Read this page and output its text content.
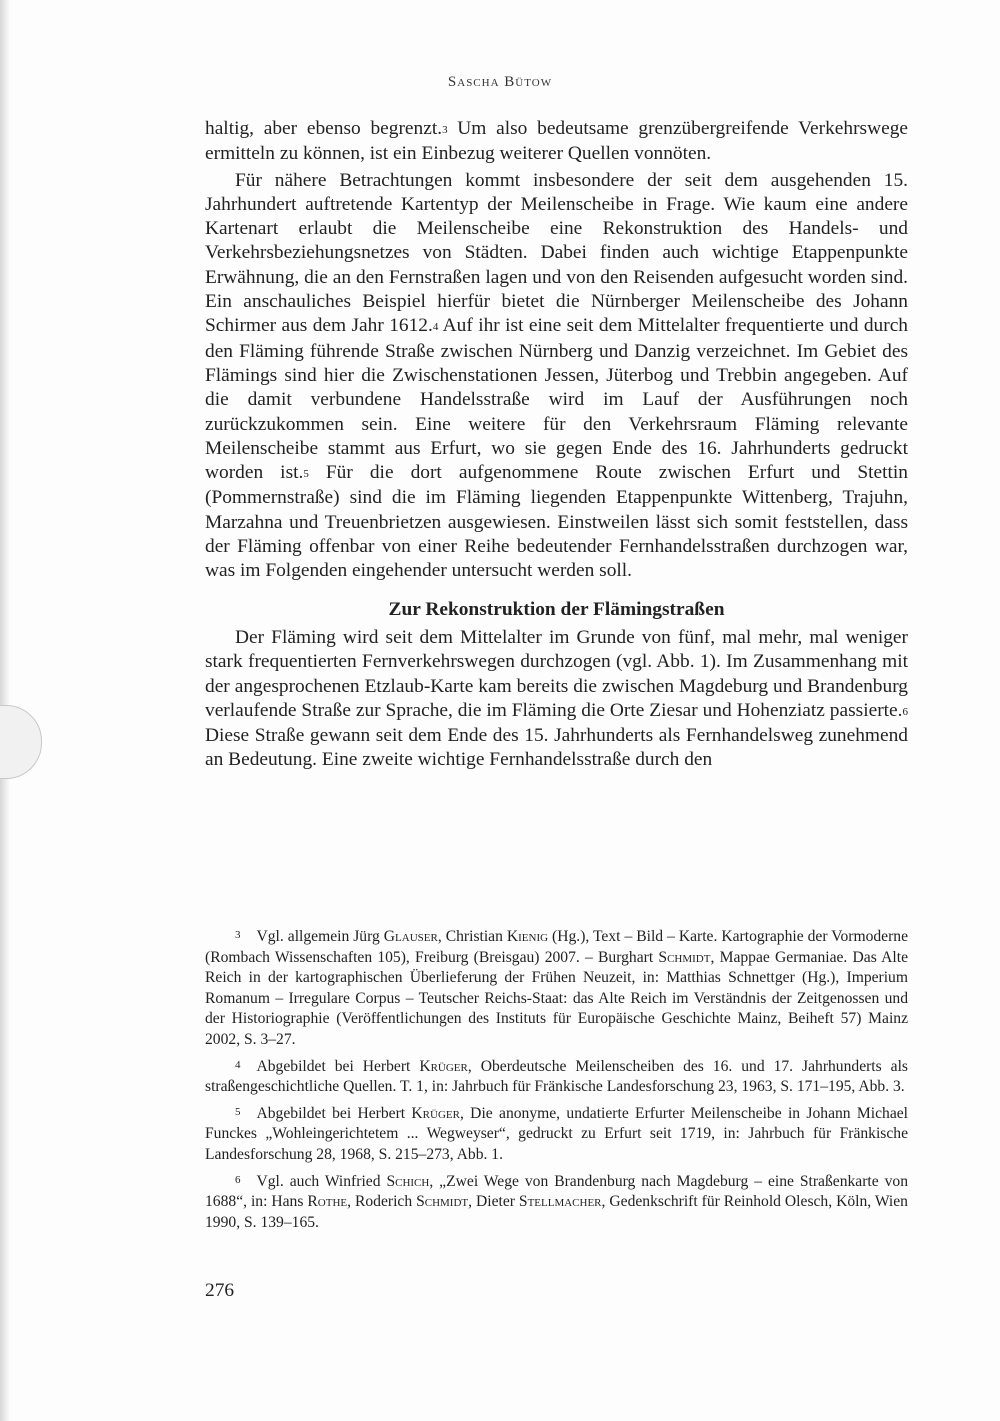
Sascha Bütow

haltig, aber ebenso begrenzt.3 Um also bedeutsame grenzübergreifende Verkehrswege ermitteln zu können, ist ein Einbezug weiterer Quellen vonnöten.

Für nähere Betrachtungen kommt insbesondere der seit dem ausgehenden 15. Jahrhundert auftretende Kartentyp der Meilenscheibe in Frage. Wie kaum eine andere Kartenart erlaubt die Meilenscheibe eine Rekonstruktion des Handels- und Verkehrsbeziehungsnetzes von Städten. Dabei finden auch wichtige Etappenpunkte Erwähnung, die an den Fernstraßen lagen und von den Reisenden aufgesucht worden sind. Ein anschauliches Beispiel hierfür bietet die Nürnberger Meilenscheibe des Johann Schirmer aus dem Jahr 1612.4 Auf ihr ist eine seit dem Mittelalter frequentierte und durch den Fläming führende Straße zwischen Nürnberg und Danzig verzeichnet. Im Gebiet des Flämings sind hier die Zwischenstationen Jessen, Jüterbog und Trebbin angegeben. Auf die damit verbundene Handelsstraße wird im Lauf der Ausführungen noch zurückzukommen sein. Eine weitere für den Verkehrsraum Fläming relevante Meilenscheibe stammt aus Erfurt, wo sie gegen Ende des 16. Jahrhunderts gedruckt worden ist.5 Für die dort aufgenommene Route zwischen Erfurt und Stettin (Pommernstraße) sind die im Fläming liegenden Etappenpunkte Wittenberg, Trajuhn, Marzahna und Treuenbrietzen ausgewiesen. Einstweilen lässt sich somit feststellen, dass der Fläming offenbar von einer Reihe bedeutender Fernhandelsstraßen durchzogen war, was im Folgenden eingehender untersucht werden soll.

Zur Rekonstruktion der Flämingstraßen

Der Fläming wird seit dem Mittelalter im Grunde von fünf, mal mehr, mal weniger stark frequentierten Fernverkehrswegen durchzogen (vgl. Abb. 1). Im Zusammenhang mit der angesprochenen Etzlaub-Karte kam bereits die zwischen Magdeburg und Brandenburg verlaufende Straße zur Sprache, die im Fläming die Orte Ziesar und Hohenziatz passierte.6 Diese Straße gewann seit dem Ende des 15. Jahrhunderts als Fernhandelsweg zunehmend an Bedeutung. Eine zweite wichtige Fernhandelsstraße durch den

3 Vgl. allgemein Jürg Glauser, Christian Kienig (Hg.), Text – Bild – Karte. Kartographie der Vormoderne (Rombach Wissenschaften 105), Freiburg (Breisgau) 2007. – Burghart Schmidt, Mappae Germaniae. Das Alte Reich in der kartographischen Überlieferung der Frühen Neuzeit, in: Matthias Schnettger (Hg.), Imperium Romanum – Irregulare Corpus – Teutscher Reichs-Staat: das Alte Reich im Verständnis der Zeitgenossen und der Historiographie (Veröffentlichungen des Instituts für Europäische Geschichte Mainz, Beiheft 57) Mainz 2002, S. 3–27.

4 Abgebildet bei Herbert Krüger, Oberdeutsche Meilenscheiben des 16. und 17. Jahrhunderts als straßengeschichtliche Quellen. T. 1, in: Jahrbuch für Fränkische Landesforschung 23, 1963, S. 171–195, Abb. 3.

5 Abgebildet bei Herbert Krüger, Die anonyme, undatierte Erfurter Meilenscheibe in Johann Michael Funckes „Wohleingerichtetem ... Wegweyser“, gedruckt zu Erfurt seit 1719, in: Jahrbuch für Fränkische Landesforschung 28, 1968, S. 215–273, Abb. 1.

6 Vgl. auch Winfried Schich, „Zwei Wege von Brandenburg nach Magdeburg – eine Straßenkarte von 1688“, in: Hans Rothe, Roderich Schmidt, Dieter Stellmacher, Gedenkschrift für Reinhold Olesch, Köln, Wien 1990, S. 139–165.

276
